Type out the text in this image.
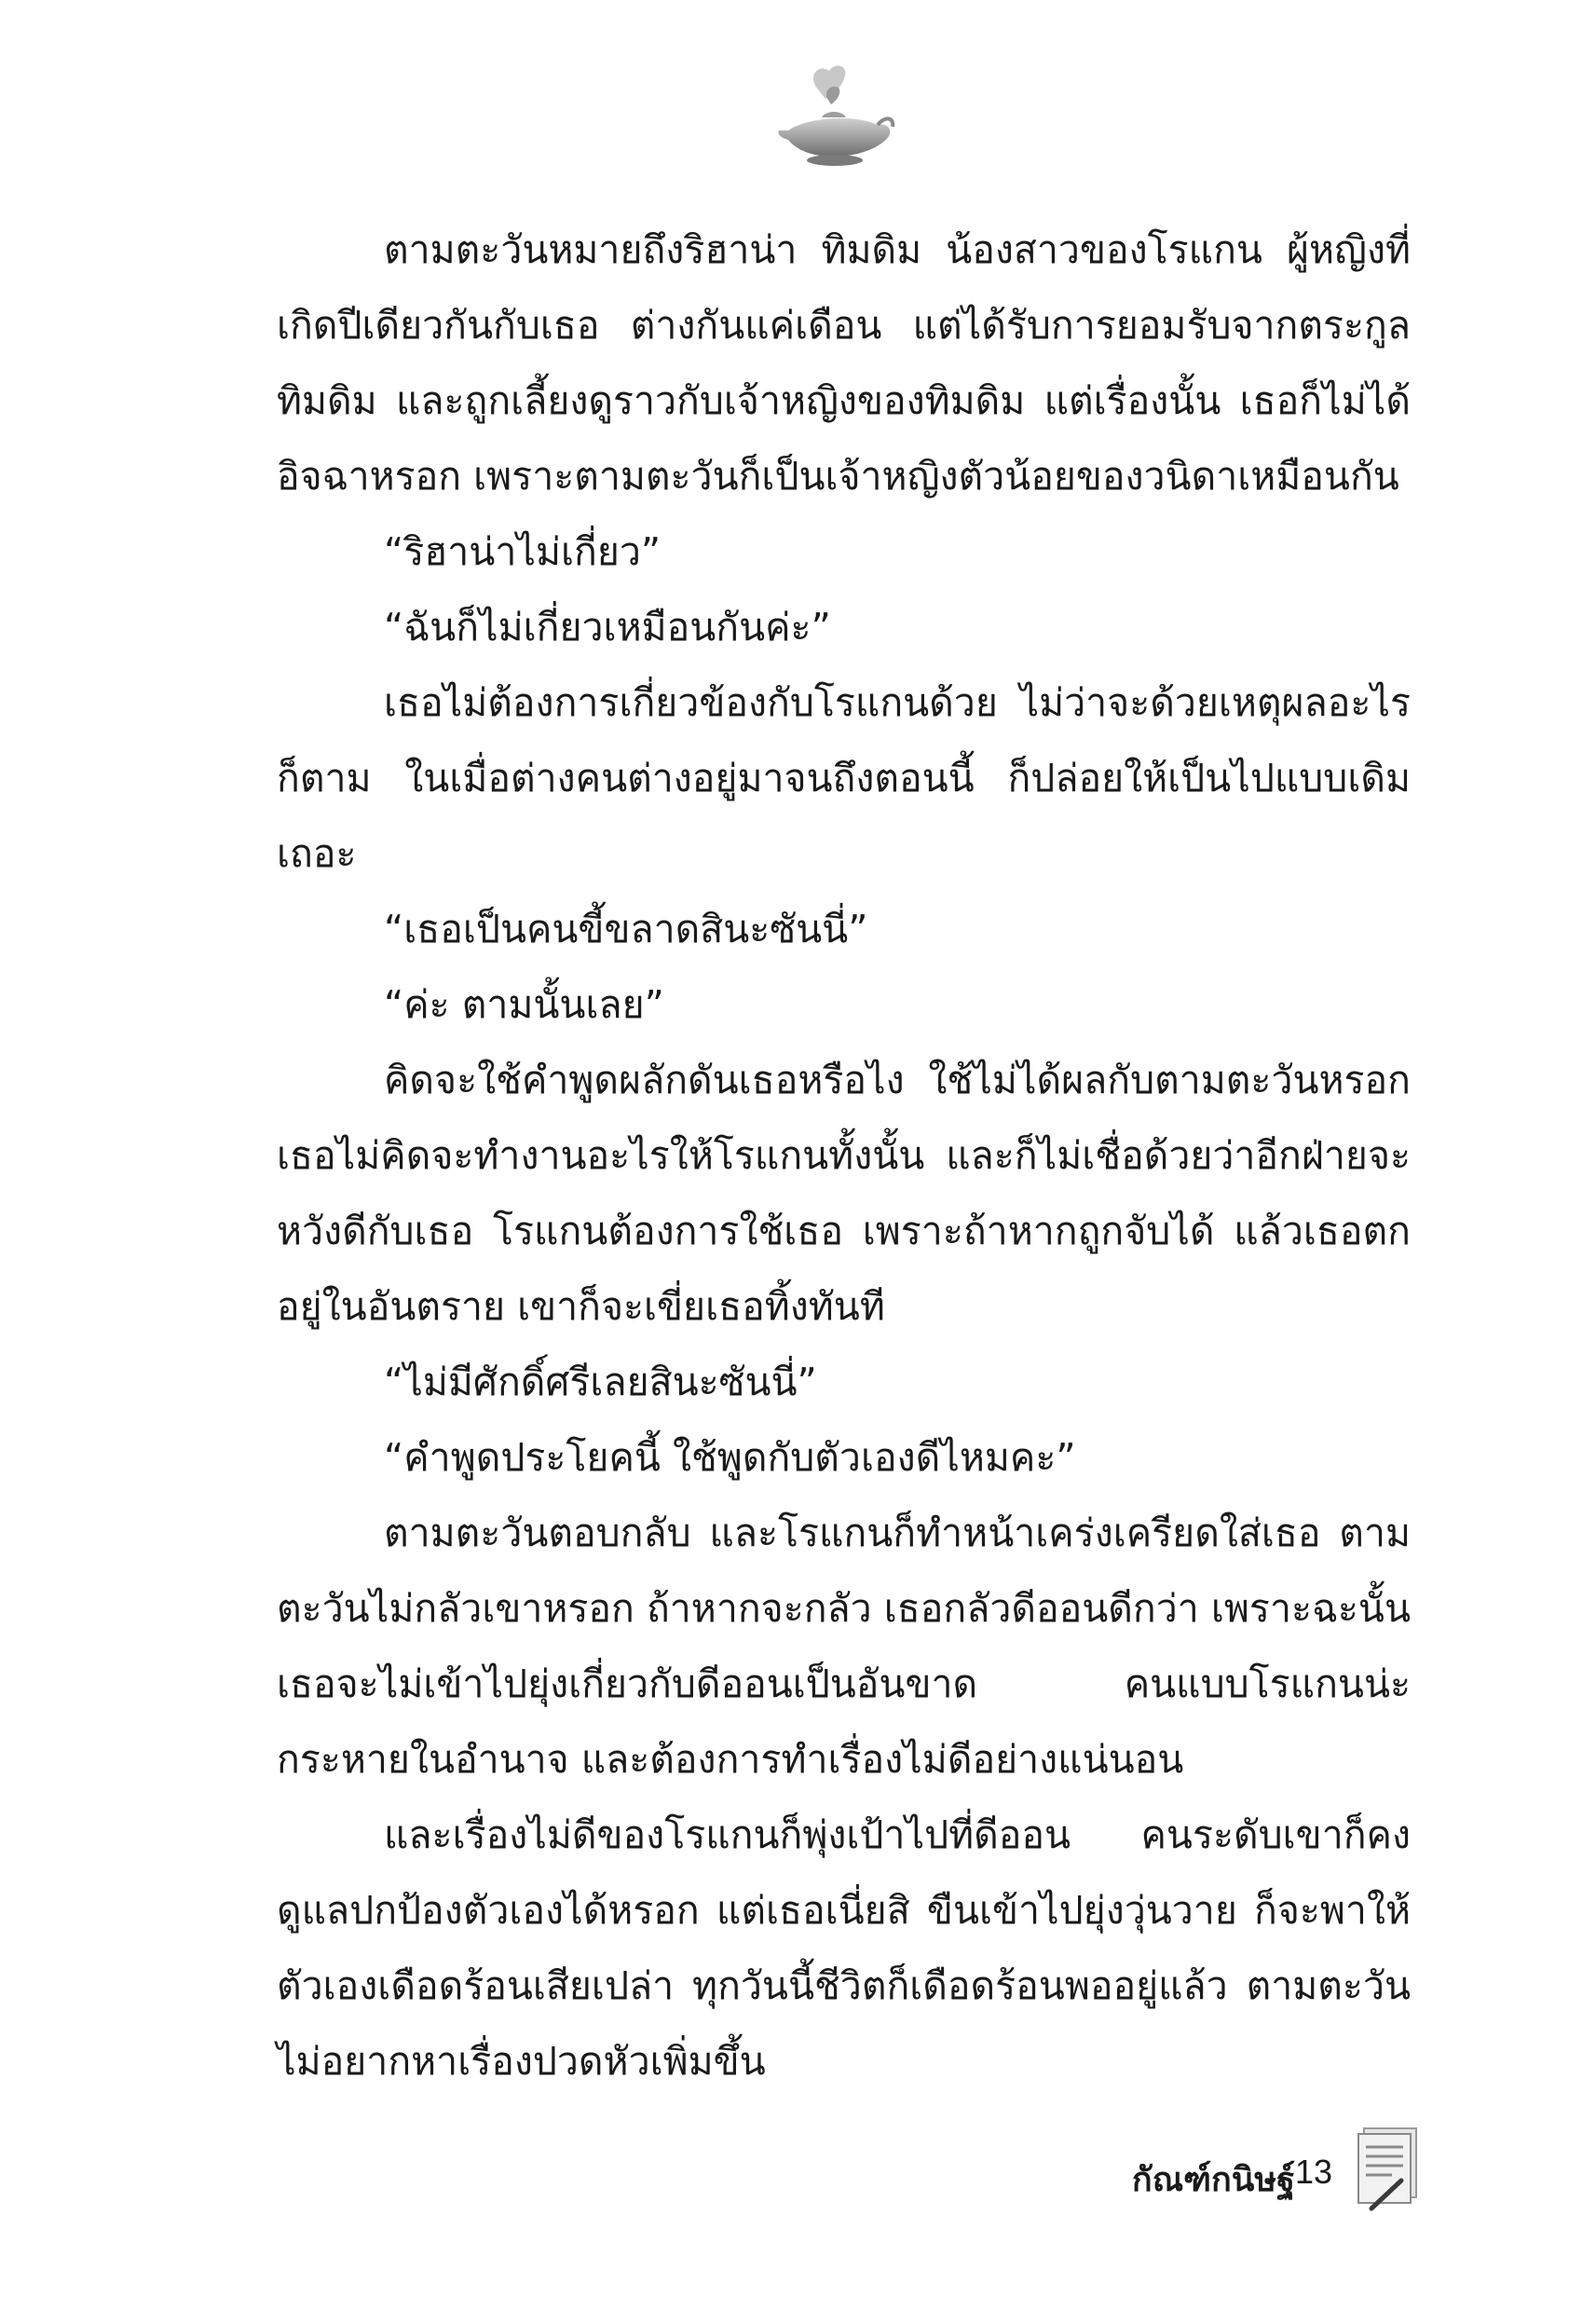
ตามตะวันหมายถึงริฮาน่า ทิมดิม น้องสาวของโรแกน ผู้หญิงที่เกิดปีเดียวกันกับเธอ ต่างกันแค่เดือน แต่ได้รับการยอมรับจากตระกูลทิมดิม และถูกเลี้ยงดูราวกับเจ้าหญิงของทิมดิม แต่เรื่องนั้น เธอก็ไม่ได้อิจฉาหรอก เพราะตามตะวันก็เป็นเจ้าหญิงตัวน้อยของวนิดาเหมือนกัน

“ริฮาน่าไม่เกี่ยว”

“ฉันก็ไม่เกี่ยวเหมือนกันค่ะ”

เธอไม่ต้องการเกี่ยวข้องกับโรแกนด้วย ไม่ว่าจะด้วยเหตุผลอะไรก็ตาม ในเมื่อต่างคนต่างอยู่มาจนถึงตอนนี้ ก็ปล่อยให้เป็นไปแบบเดิมเถอะ

“เธอเป็นคนขี้ขลาดสินะซันนี่”

“ค่ะ ตามนั้นเลย”

คิดจะใช้คำพูดผลักดันเธอหรือไง ใช้ไม่ได้ผลกับตามตะวันหรอก เธอไม่คิดจะทำงานอะไรให้โรแกนทั้งนั้น และก็ไม่เชื่อด้วยว่าอีกฝ่ายจะหวังดีกับเธอ โรแกนต้องการใช้เธอ เพราะถ้าหากถูกจับได้ แล้วเธอตกอยู่ในอันตราย เขาก็จะเขี่ยเธอทิ้งทันที

“ไม่มีศักดิ์ศรีเลยสินะซันนี่”

“คำพูดประโยคนี้ ใช้พูดกับตัวเองดีไหมคะ”

ตามตะวันตอบกลับ และโรแกนก็ทำหน้าเคร่งเครียดใส่เธอ ตามตะวันไม่กลัวเขาหรอก ถ้าหากจะกลัว เธอกลัวดีออนดีกว่า เพราะฉะนั้น เธอจะไม่เข้าไปยุ่งเกี่ยวกับดีออนเป็นอันขาด คนแบบโรแกนน่ะ กระหายในอำนาจ และต้องการทำเรื่องไม่ดีอย่างแน่นอน

และเรื่องไม่ดีของโรแกนก็พุ่งเป้าไปที่ดีออน คนระดับเขาก็คงดูแลปกป้องตัวเองได้หรอก แต่เธอเนี่ยสิ ขืนเข้าไปยุ่งวุ่นวาย ก็จะพาให้ตัวเองเดือดร้อนเสียเปล่า ทุกวันนี้ชีวิตก็เดือดร้อนพออยู่แล้ว ตามตะวันไม่อยากหาเรื่องปวดหัวเพิ่มขึ้น

กัณฑ์กนิษฐ์ 13
